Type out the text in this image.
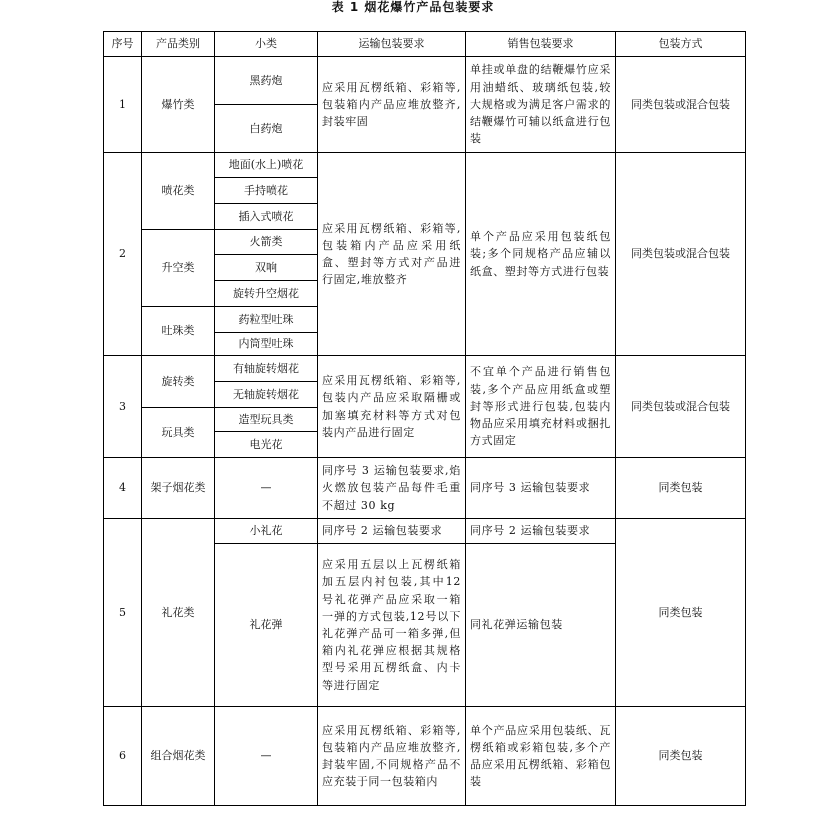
表 1 烟花爆竹产品包装要求
序号	产品类别	小类	运输包装要求	销售包装要求	包装方式
1	爆竹类	黑药炮	应采用瓦楞纸箱、彩箱等,包装箱内产品应堆放整齐,封装牢固	单挂或单盘的结鞭爆竹应采用油蜡纸、玻璃纸包装,较大规格或为满足客户需求的结鞭爆竹可辅以纸盒进行包装	同类包装或混合包装
		白药炮			
2	喷花类	地面(水上)喷花	应采用瓦楞纸箱、彩箱等,包装箱内产品应采用纸盒、塑封等方式对产品进行固定,堆放整齐	单个产品应采用包装纸包装;多个同规格产品应辅以纸盒、塑封等方式进行包装	同类包装或混合包装
		手持喷花			
		插入式喷花			
	升空类	火箭类			
		双响			
		旋转升空烟花			
	吐珠类	药粒型吐珠			
		内筒型吐珠			
3	旋转类	有轴旋转烟花	应采用瓦楞纸箱、彩箱等,包装内产品应采取隔栅或加塞填充材料等方式对包装内产品进行固定	不宜单个产品进行销售包装,多个产品应用纸盒或塑封等形式进行包装,包装内物品应采用填充材料或捆扎方式固定	同类包装或混合包装
		无轴旋转烟花			
	玩具类	造型玩具类			
		电光花			
4	架子烟花类	—	同序号 3 运输包装要求,焰火燃放包装产品每件毛重不超过 30 kg	同序号 3 运输包装要求	同类包装
5	礼花类	小礼花	同序号 2 运输包装要求	同序号 2 运输包装要求	同类包装
		礼花弹	应采用五层以上瓦楞纸箱加五层内衬包装,其中12 号礼花弹产品应采取一箱一弹的方式包装,12号以下礼花弹产品可一箱多弹,但箱内礼花弹应根据其规格型号采用瓦楞纸盒、内卡等进行固定	同礼花弹运输包装	
6	组合烟花类	—	应采用瓦楞纸箱、彩箱等,包装箱内产品应堆放整齐,封装牢固,不同规格产品不应充装于同一包装箱内	单个产品应采用包装纸、瓦楞纸箱或彩箱包装,多个产品应采用瓦楞纸箱、彩箱包装	同类包装
